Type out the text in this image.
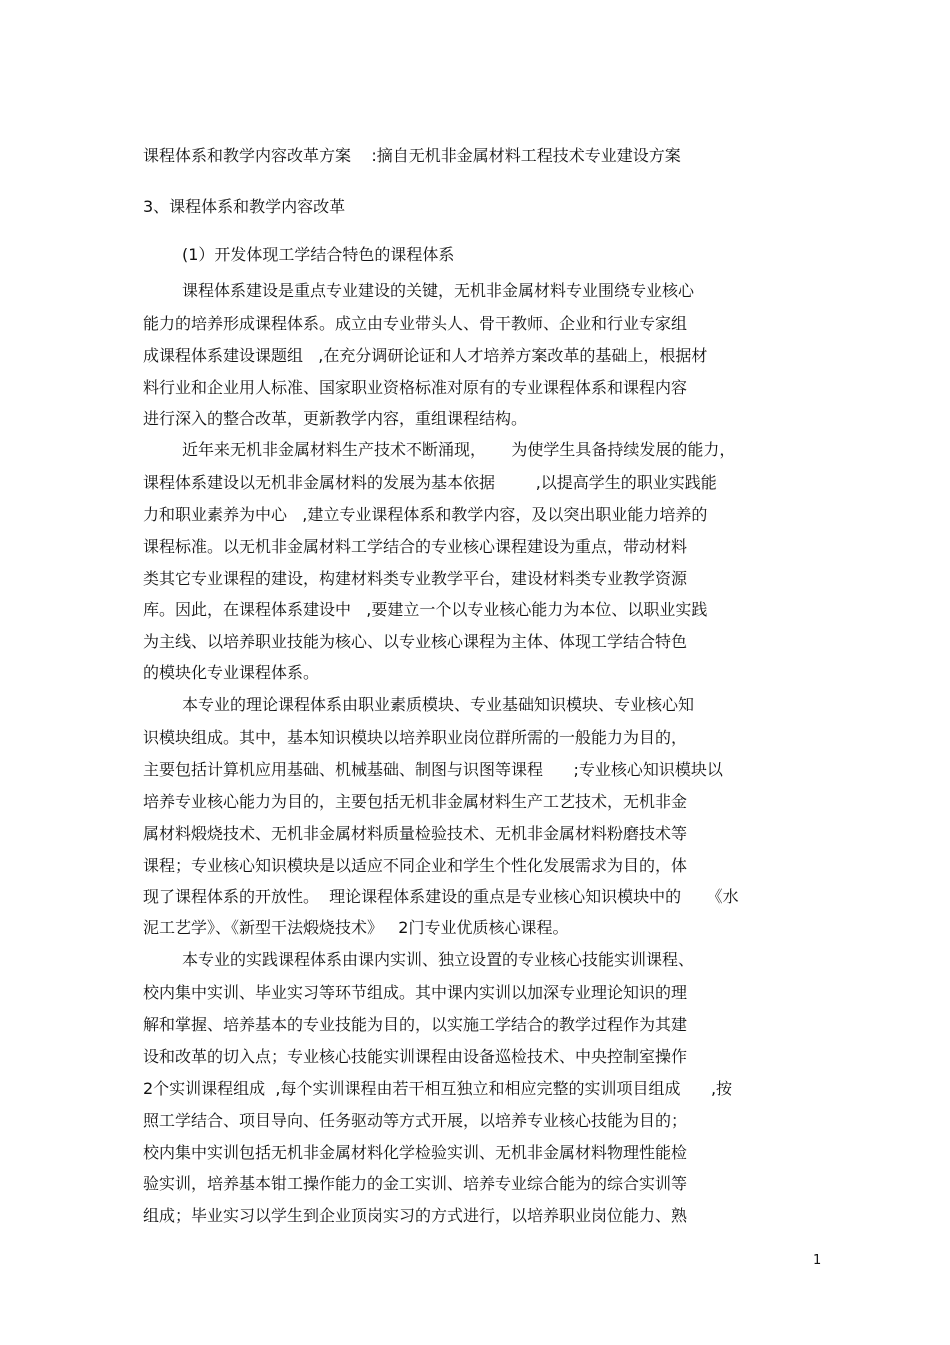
课程体系和教学内容改革方案    :摘自无机非金属材料工程技术专业建设方案
3、课程体系和教学内容改革
(1）开发体现工学结合特色的课程体系
课程体系建设是重点专业建设的关键，无机非金属材料专业围绕专业核心
能力的培养形成课程体系。成立由专业带头人、骨干教师、企业和行业专家组
成课程体系建设课题组   ,在充分调研论证和人才培养方案改革的基础上，根据材
料行业和企业用人标准、国家职业资格标准对原有的专业课程体系和课程内容
进行深入的整合改革，更新教学内容，重组课程结构。
近年来无机非金属材料生产技术不断涌现，     为使学生具备持续发展的能力，
课程体系建设以无机非金属材料的发展为基本依据        ,以提高学生的职业实践能
力和职业素养为中心   ,建立专业课程体系和教学内容，及以突出职业能力培养的
课程标准。以无机非金属材料工学结合的专业核心课程建设为重点，带动材料
类其它专业课程的建设，构建材料类专业教学平台，建设材料类专业教学资源
库。因此，在课程体系建设中   ,要建立一个以专业核心能力为本位、以职业实践
为主线、以培养职业技能为核心、以专业核心课程为主体、体现工学结合特色
的模块化专业课程体系。
本专业的理论课程体系由职业素质模块、专业基础知识模块、专业核心知
识模块组成。其中，基本知识模块以培养职业岗位群所需的一般能力为目的，
主要包括计算机应用基础、机械基础、制图与识图等课程      ;专业核心知识模块以
培养专业核心能力为目的，主要包括无机非金属材料生产工艺技术，无机非金
属材料煅烧技术、无机非金属材料质量检验技术、无机非金属材料粉磨技术等
课程；专业核心知识模块是以适应不同企业和学生个性化发展需求为目的，体
现了课程体系的开放性。  理论课程体系建设的重点是专业核心知识模块中的     《水
泥工艺学》、《新型干法煅烧技术》   2门专业优质核心课程。
本专业的实践课程体系由课内实训、独立设置的专业核心技能实训课程、
校内集中实训、毕业实习等环节组成。其中课内实训以加深专业理论知识的理
解和掌握、培养基本的专业技能为目的，以实施工学结合的教学过程作为其建
设和改革的切入点；专业核心技能实训课程由设备巡检技术、中央控制室操作
2个实训课程组成  ,每个实训课程由若干相互独立和相应完整的实训项目组成      ,按
照工学结合、项目导向、任务驱动等方式开展，以培养专业核心技能为目的；
校内集中实训包括无机非金属材料化学检验实训、无机非金属材料物理性能检
验实训，培养基本钳工操作能力的金工实训、培养专业综合能为的综合实训等
组成；毕业实习以学生到企业顶岗实习的方式进行，以培养职业岗位能力、熟
1
